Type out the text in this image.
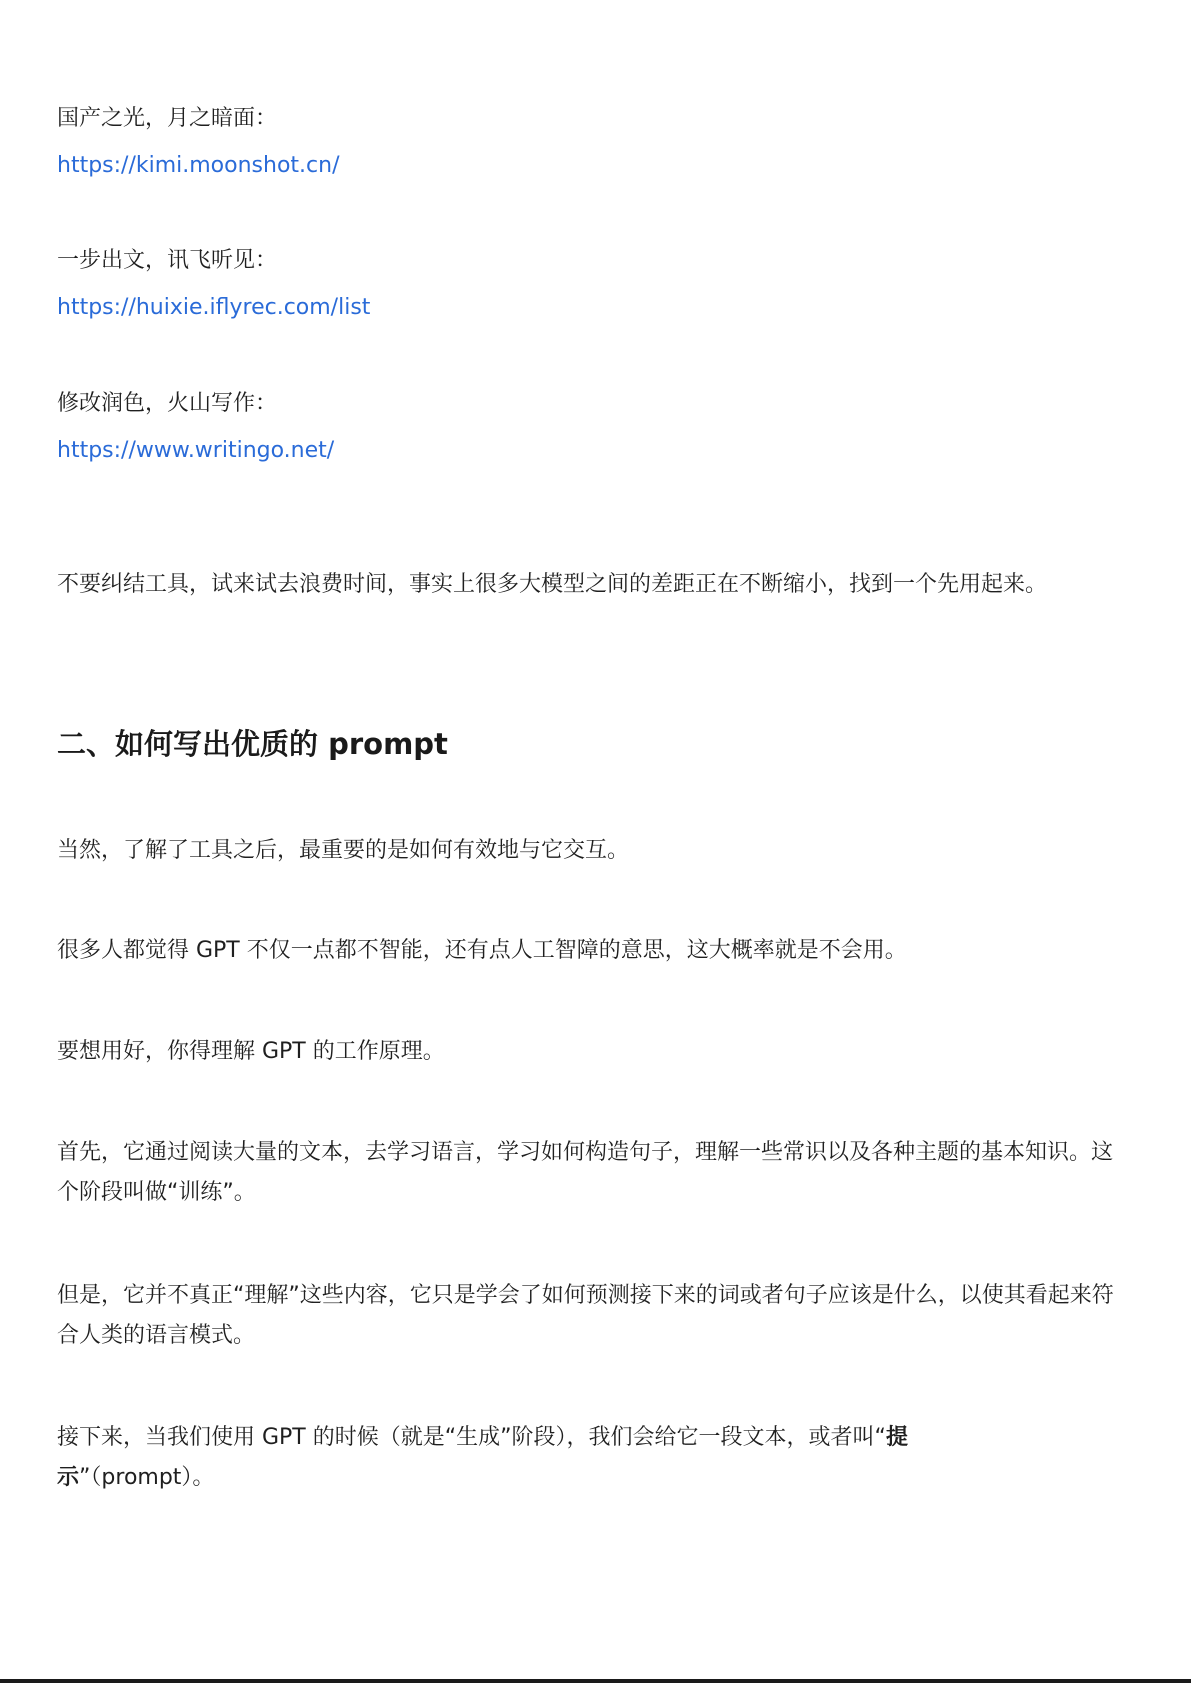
国产之光，月之暗面：

https://kimi.moonshot.cn/

一步出文，讯飞听见：

https://huixie.iflyrec.com/list

修改润色，火山写作：

https://www.writingo.net/

不要纠结工具，试来试去浪费时间，事实上很多大模型之间的差距正在不断缩小，找到一个先用起来。

二、如何写出优质的 prompt

当然，了解了工具之后，最重要的是如何有效地与它交互。

很多人都觉得 GPT 不仅一点都不智能，还有点人工智障的意思，这大概率就是不会用。

要想用好，你得理解 GPT 的工作原理。

首先，它通过阅读大量的文本，去学习语言，学习如何构造句子，理解一些常识以及各种主题的基本知识。这个阶段叫做“训练”。

但是，它并不真正“理解”这些内容，它只是学会了如何预测接下来的词或者句子应该是什么，以使其看起来符合人类的语言模式。

接下来，当我们使用 GPT 的时候（就是“生成”阶段），我们会给它一段文本，或者叫“提示”（prompt）。
